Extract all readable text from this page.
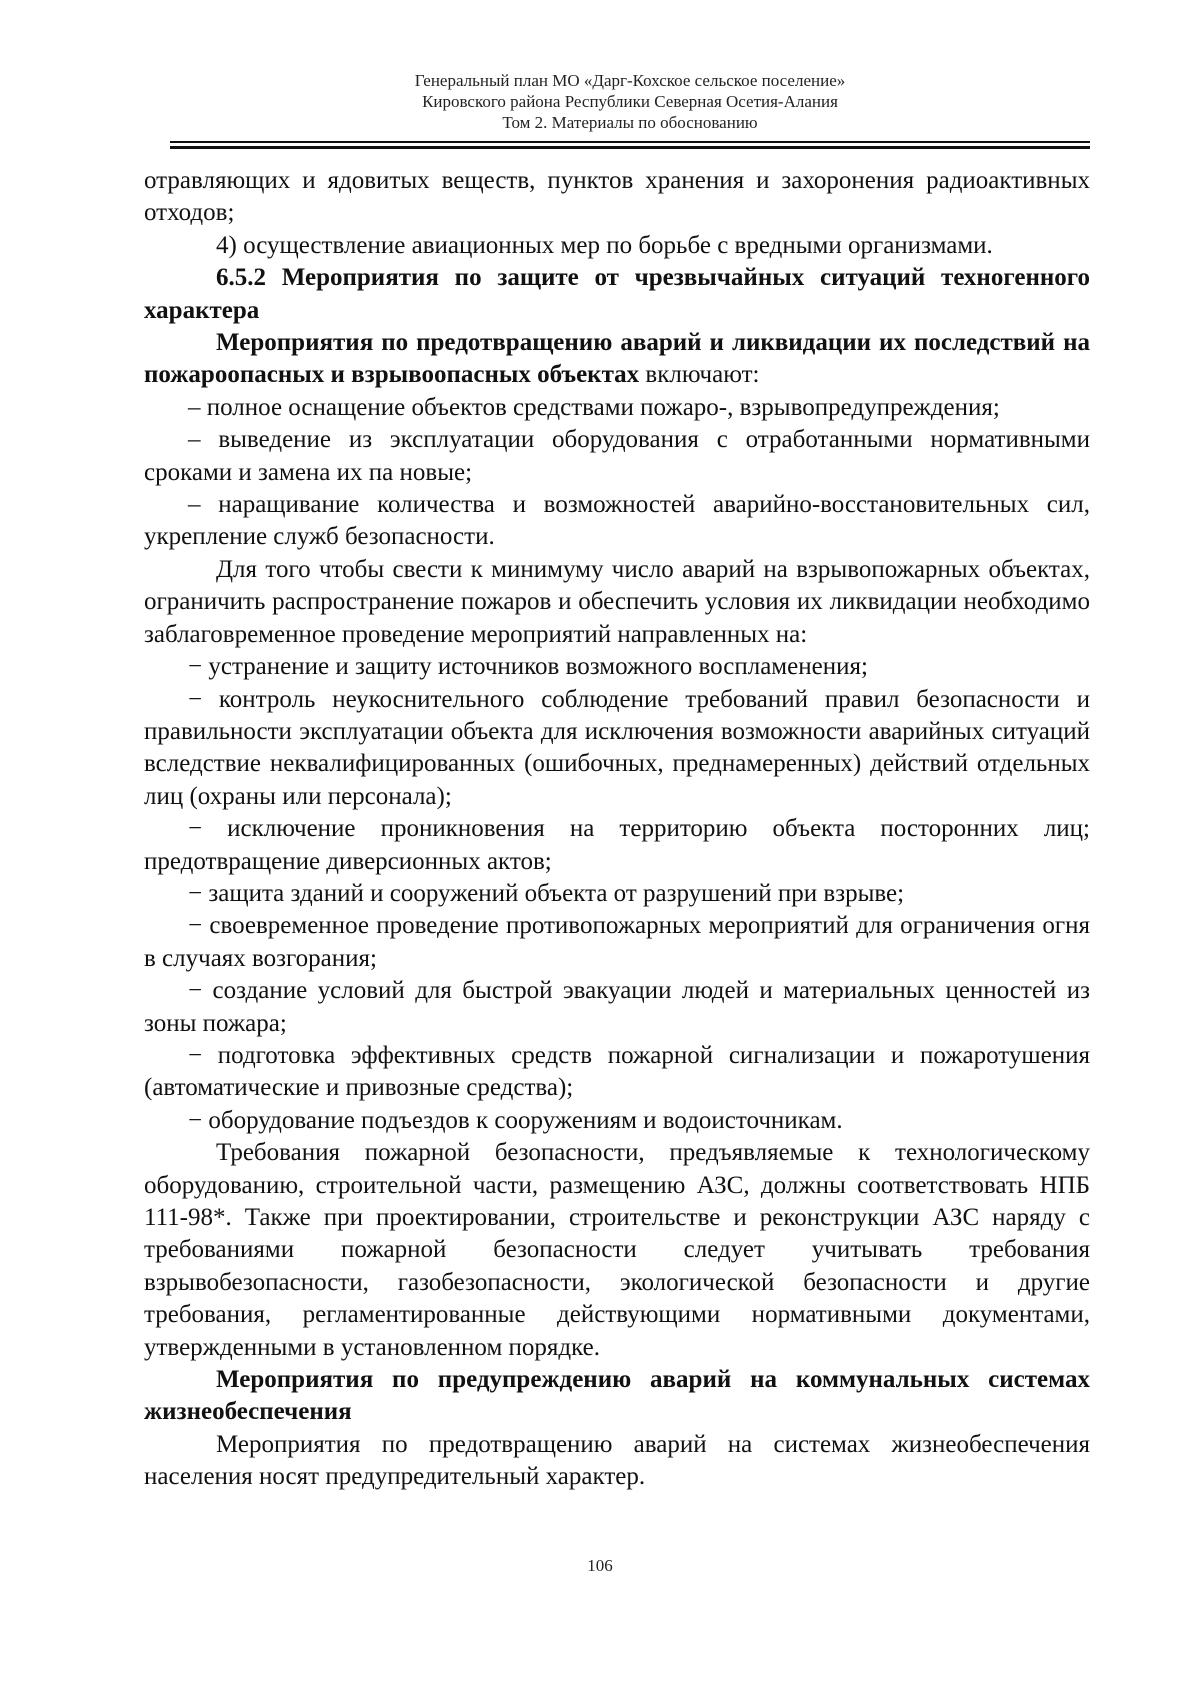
Генеральный план МО «Дарг-Кохское сельское поселение»
Кировского района Республики Северная Осетия-Алания
Том 2. Материалы по обоснованию

отравляющих и ядовитых веществ, пунктов хранения и захоронения радиоактивных отходов;

4) осуществление авиационных мер по борьбе с вредными организмами.

6.5.2 Мероприятия по защите от чрезвычайных ситуаций техногенного характера

Мероприятия по предотвращению аварий и ликвидации их последствий на пожароопасных и взрывоопасных объектах включают:

– полное оснащение объектов средствами пожаро-, взрывопредупреждения;

– выведение из эксплуатации оборудования с отработанными нормативными сроками и замена их па новые;

– наращивание количества и возможностей аварийно-восстановительных сил, укрепление служб безопасности.

Для того чтобы свести к минимуму число аварий на взрывопожарных объектах, ограничить распространение пожаров и обеспечить условия их ликвидации необходимо заблаговременное проведение мероприятий направленных на:

− устранение и защиту источников возможного воспламенения;

− контроль неукоснительного соблюдение требований правил безопасности и правильности эксплуатации объекта для исключения возможности аварийных ситуаций вследствие неквалифицированных (ошибочных, преднамеренных) действий отдельных лиц (охраны или персонала);

− исключение проникновения на территорию объекта посторонних лиц; предотвращение диверсионных актов;

− защита зданий и сооружений объекта от разрушений при взрыве;

− своевременное проведение противопожарных мероприятий для ограничения огня в случаях возгорания;

− создание условий для быстрой эвакуации людей и материальных ценностей из зоны пожара;

− подготовка эффективных средств пожарной сигнализации и пожаротушения (автоматические и привозные средства);

− оборудование подъездов к сооружениям и водоисточникам.

Требования пожарной безопасности, предъявляемые к технологическому оборудованию, строительной части, размещению АЗС, должны соответствовать НПБ 111-98*. Также при проектировании, строительстве и реконструкции АЗС наряду с требованиями пожарной безопасности следует учитывать требования взрывобезопасности, газобезопасности, экологической безопасности и другие требования, регламентированные действующими нормативными документами, утвержденными в установленном порядке.

Мероприятия по предупреждению аварий на коммунальных системах жизнеобеспечения

Мероприятия по предотвращению аварий на системах жизнеобеспечения населения носят предупредительный характер.

106
